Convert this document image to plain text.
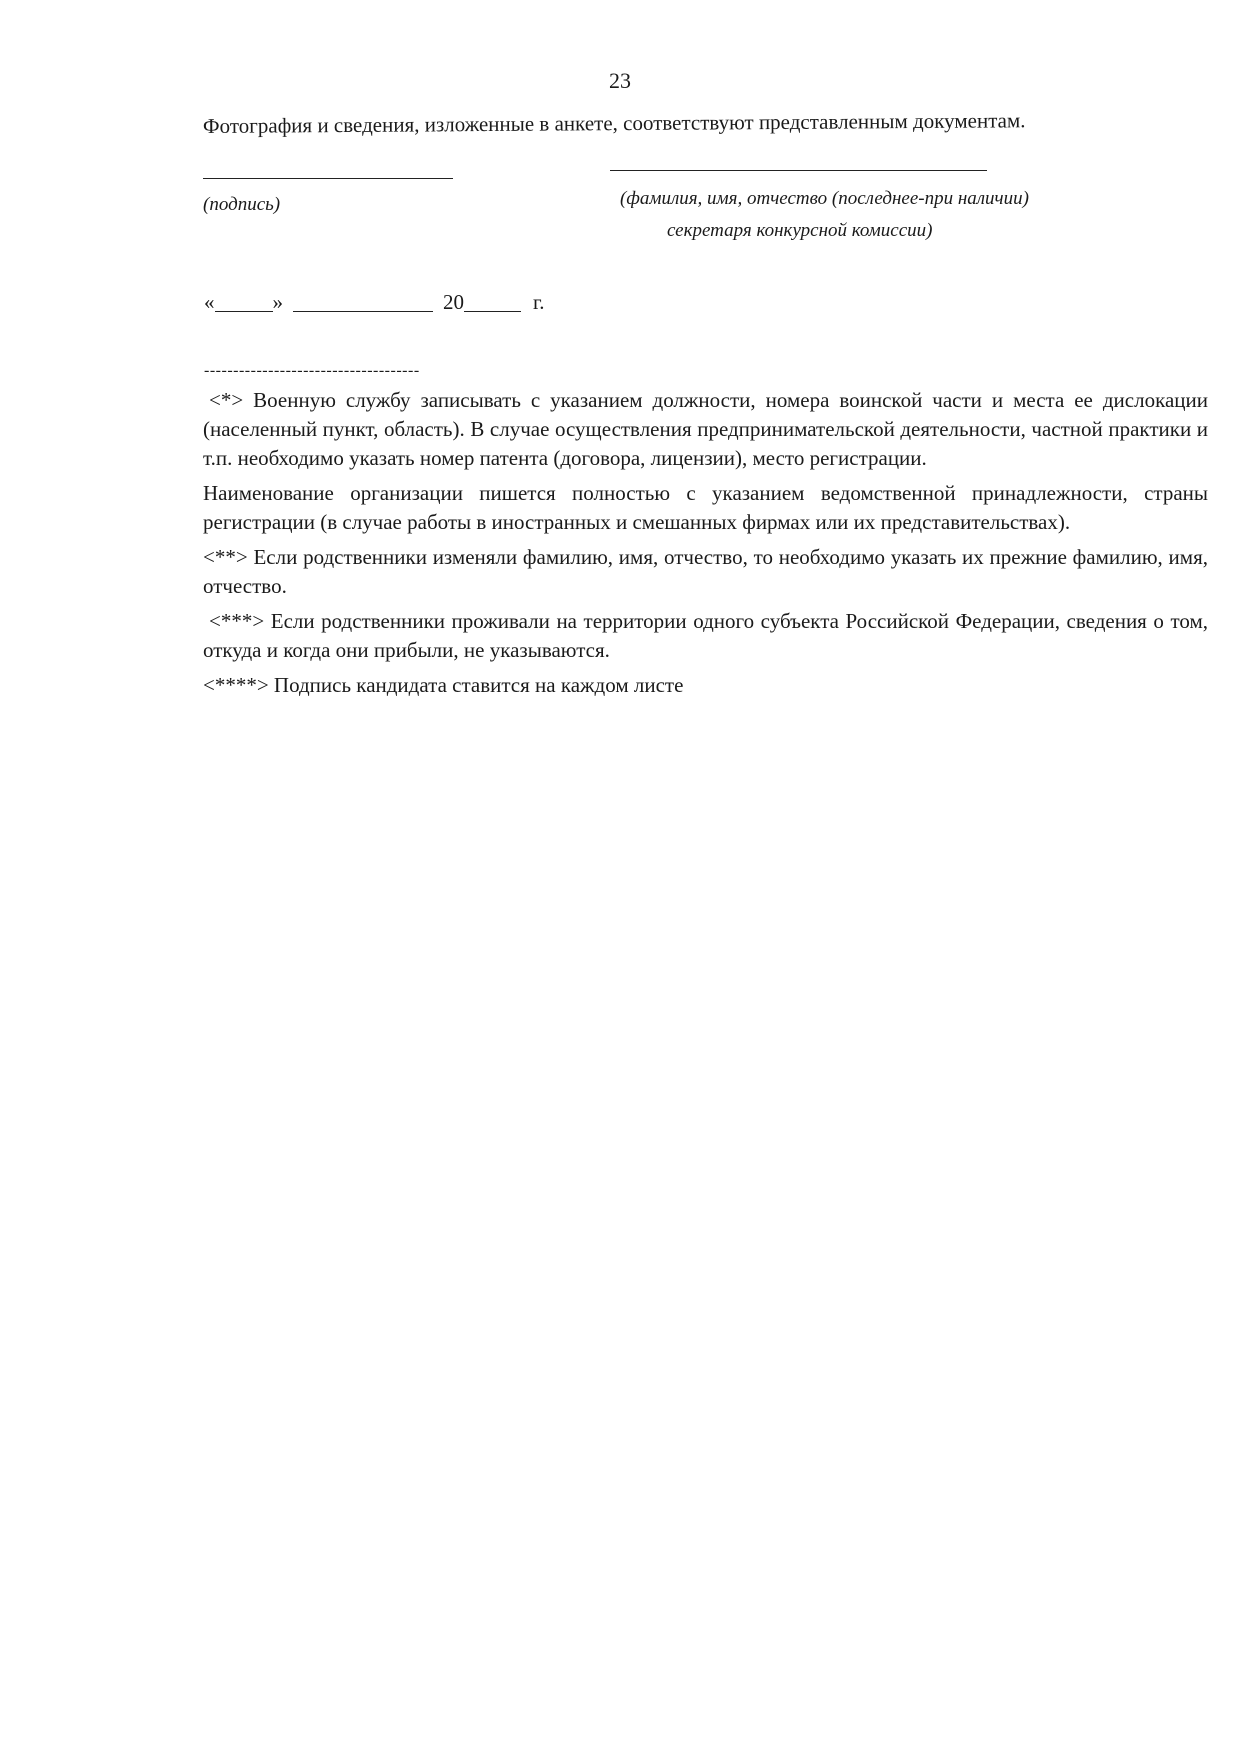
23
Фотография и сведения, изложенные в анкете, соответствуют представленным документам.
(подпись)	(фамилия, имя, отчество (последнее-при наличии)
секретаря конкурсной комиссии)
«	»	20	г.
-------------------------------------

<*> Военную службу записывать с указанием должности, номера воинской части и места ее дислокации (населенный пункт, область). В случае осуществления предпринимательской деятельности, частной практики и т.п. необходимо указать номер патента (договора, лицензии), место регистрации.

Наименование организации пишется полностью с указанием ведомственной принадлежности, страны регистрации (в случае работы в иностранных и смешанных фирмах или их представительствах).

<**> Если родственники изменяли фамилию, имя, отчество, то необходимо указать их прежние фамилию, имя, отчество.

<***> Если родственники проживали на территории одного субъекта Российской Федерации, сведения о том, откуда и когда они прибыли, не указываются.

<****> Подпись кандидата ставится на каждом листе
